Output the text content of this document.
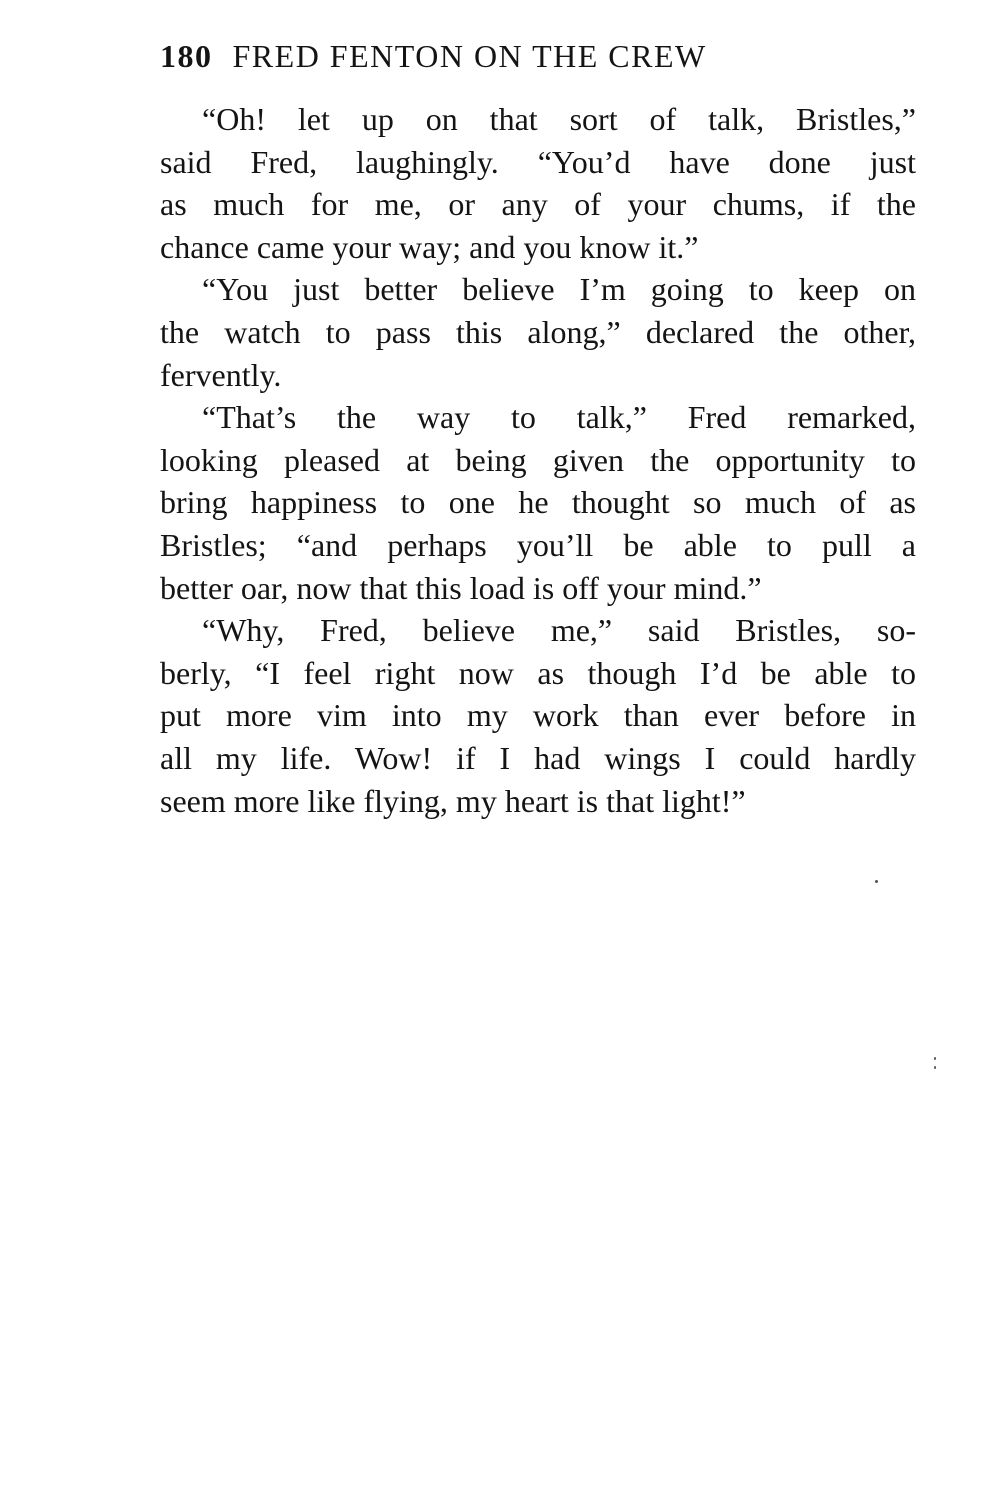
180 FRED FENTON ON THE CREW
“Oh! let up on that sort of talk, Bristles,”
said Fred, laughingly. “You’d have done just
as much for me, or any of your chums, if the
chance came your way; and you know it.”
“You just better believe I’m going to keep on
the watch to pass this along,” declared the other,
fervently.
“That’s the way to talk,” Fred remarked,
looking pleased at being given the opportunity to
bring happiness to one he thought so much of as
Bristles; “and perhaps you’ll be able to pull a
better oar, now that this load is off your mind.”
“Why, Fred, believe me,” said Bristles, so-
berly, “I feel right now as though I’d be able to
put more vim into my work than ever before in
all my life. Wow! if I had wings I could hardly
seem more like flying, my heart is that light!”
